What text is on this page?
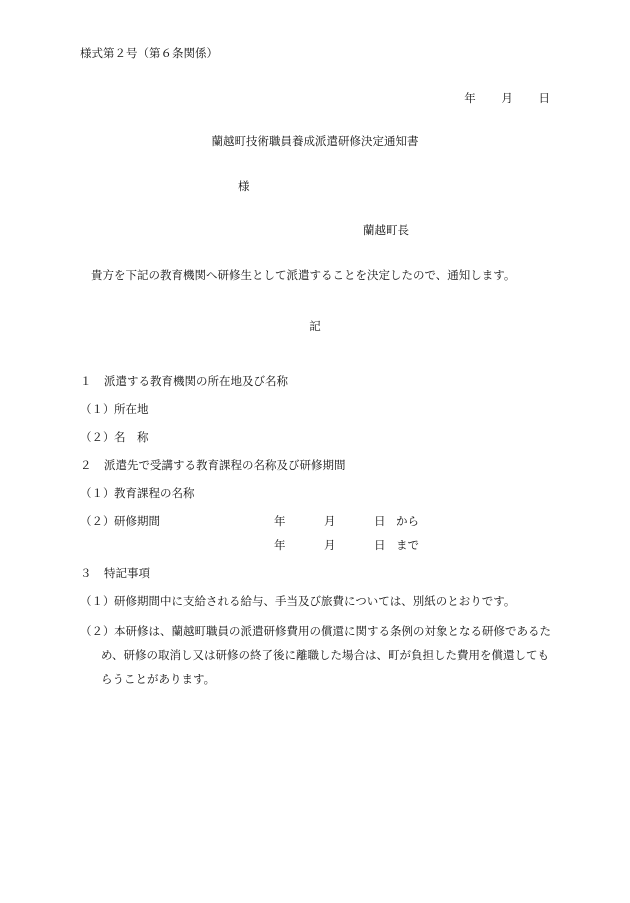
様式第２号（第６条関係）
年 月 日
蘭越町技術職員養成派遣研修決定通知書
様
蘭越町長
貴方を下記の教育機関へ研修生として派遣することを決定したので、通知します。
記
１ 派遣する教育機関の所在地及び名称
（１）所在地
（２）名　称
２ 派遣先で受講する教育課程の名称及び研修期間
（１）教育課程の名称
（２）研修期間	年	月	日 から
年	月	日 まで
３ 特記事項
（１）研修期間中に支給される給与、手当及び旅費については、別紙のとおりです。
（２）本研修は、蘭越町職員の派遣研修費用の償還に関する条例の対象となる研修であるた
め、研修の取消し又は研修の終了後に離職した場合は、町が負担した費用を償還してもらうことがあります。
